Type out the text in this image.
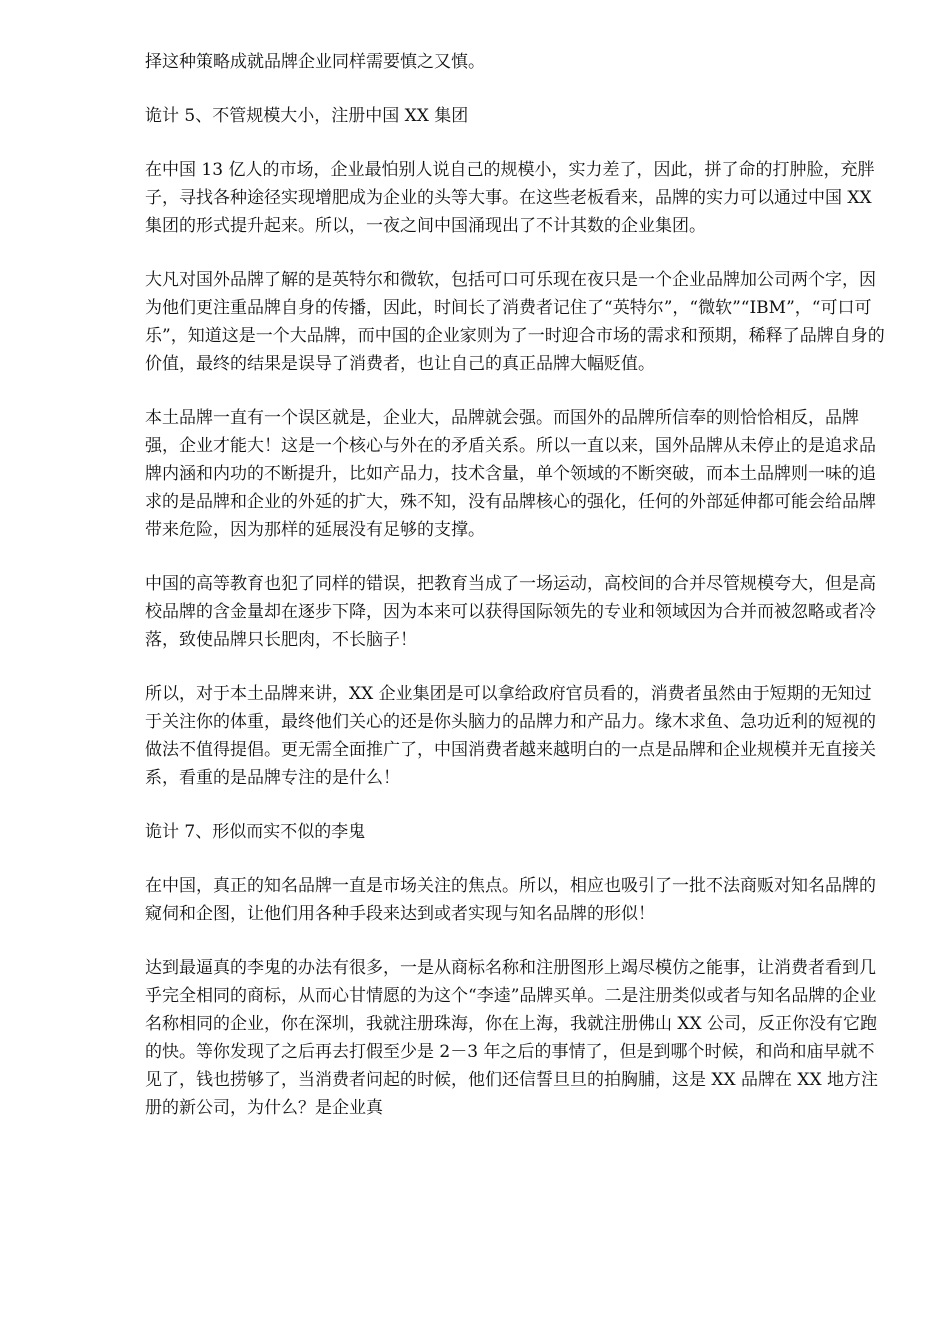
择这种策略成就品牌企业同样需要慎之又慎。

诡计 5、不管规模大小，注册中国 XX 集团

在中国 13 亿人的市场，企业最怕别人说自己的规模小，实力差了，因此，拼了命的打肿脸，充胖子，寻找各种途径实现增肥成为企业的头等大事。在这些老板看来，品牌的实力可以通过中国 XX 集团的形式提升起来。所以，一夜之间中国涌现出了不计其数的企业集团。

大凡对国外品牌了解的是英特尔和微软，包括可口可乐现在夜只是一个企业品牌加公司两个字，因为他们更注重品牌自身的传播，因此，时间长了消费者记住了“英特尔”，“微软”“IBM”，“可口可乐”，知道这是一个大品牌，而中国的企业家则为了一时迎合市场的需求和预期，稀释了品牌自身的价值，最终的结果是误导了消费者，也让自己的真正品牌大幅贬值。

本土品牌一直有一个误区就是，企业大，品牌就会强。而国外的品牌所信奉的则恰恰相反，品牌强，企业才能大！这是一个核心与外在的矛盾关系。所以一直以来，国外品牌从未停止的是追求品牌内涵和内功的不断提升，比如产品力，技术含量，单个领域的不断突破，而本土品牌则一味的追求的是品牌和企业的外延的扩大，殊不知，没有品牌核心的强化，任何的外部延伸都可能会给品牌带来危险，因为那样的延展没有足够的支撑。

中国的高等教育也犯了同样的错误，把教育当成了一场运动，高校间的合并尽管规模夸大，但是高校品牌的含金量却在逐步下降，因为本来可以获得国际领先的专业和领域因为合并而被忽略或者冷落，致使品牌只长肥肉，不长脑子！

所以，对于本土品牌来讲，XX 企业集团是可以拿给政府官员看的，消费者虽然由于短期的无知过于关注你的体重，最终他们关心的还是你头脑力的品牌力和产品力。缘木求鱼、急功近利的短视的做法不值得提倡。更无需全面推广了，中国消费者越来越明白的一点是品牌和企业规模并无直接关系，看重的是品牌专注的是什么！

诡计 7、形似而实不似的李鬼

在中国，真正的知名品牌一直是市场关注的焦点。所以，相应也吸引了一批不法商贩对知名品牌的窥伺和企图，让他们用各种手段来达到或者实现与知名品牌的形似！

达到最逼真的李鬼的办法有很多，一是从商标名称和注册图形上竭尽模仿之能事，让消费者看到几乎完全相同的商标，从而心甘情愿的为这个“李逵”品牌买单。二是注册类似或者与知名品牌的企业名称相同的企业，你在深圳，我就注册珠海，你在上海，我就注册佛山 XX 公司，反正你没有它跑的快。等你发现了之后再去打假至少是 2－3 年之后的事情了，但是到哪个时候，和尚和庙早就不见了，钱也捞够了，当消费者问起的时候，他们还信誓旦旦的拍胸脯，这是 XX 品牌在 XX 地方注册的新公司，为什么？是企业真
